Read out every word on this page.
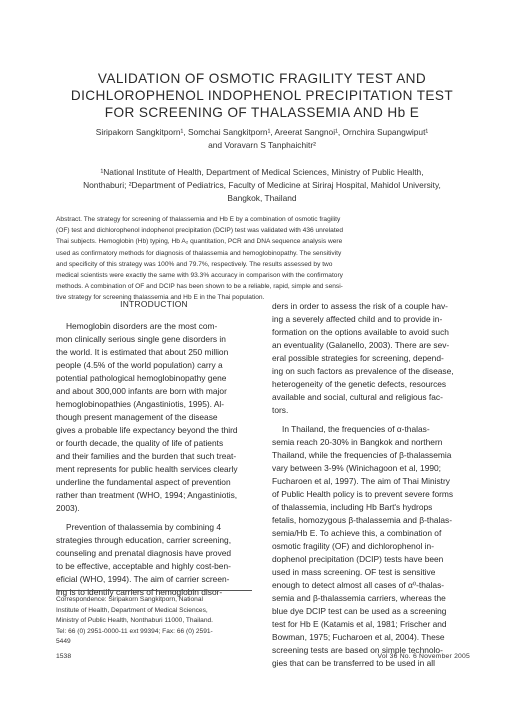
VALIDATION OF OSMOTIC FRAGILITY TEST AND
DICHLOROPHENOL INDOPHENOL PRECIPITATION TEST
FOR SCREENING OF THALASSEMIA AND Hb E
Siripakorn Sangkitporn¹, Somchai Sangkitporn¹, Areerat Sangnoi¹, Ornchira Supangwiput¹
and Voravarn S Tanphaichitr²
¹National Institute of Health, Department of Medical Sciences, Ministry of Public Health,
Nonthaburi; ²Department of Pediatrics, Faculty of Medicine at Siriraj Hospital, Mahidol University,
Bangkok, Thailand
Abstract. The strategy for screening of thalassemia and Hb E by a combination of osmotic fragility
(OF) test and dichlorophenol indophenol precipitation (DCIP) test was validated with 436 unrelated
Thai subjects. Hemoglobin (Hb) typing, Hb A₂ quantitation, PCR and DNA sequence analysis were
used as confirmatory methods for diagnosis of thalassemia and hemoglobinopathy. The sensitivity
and specificity of this strategy was 100% and 79.7%, respectively. The results assessed by two
medical scientists were exactly the same with 93.3% accuracy in comparison with the confirmatory
methods. A combination of OF and DCIP has been shown to be a reliable, rapid, simple and sensi-
tive strategy for screening thalassemia and Hb E in the Thai population.
INTRODUCTION
Hemoglobin disorders are the most com-
mon clinically serious single gene disorders in
the world. It is estimated that about 250 million
people (4.5% of the world population) carry a
potential pathological hemoglobinopathy gene
and about 300,000 infants are born with major
hemoglobinopathies (Angastiniotis, 1995). Al-
though present management of the disease
gives a probable life expectancy beyond the third
or fourth decade, the quality of life of patients
and their families and the burden that such treat-
ment represents for public health services clearly
underline the fundamental aspect of prevention
rather than treatment (WHO, 1994; Angastiniotis,
2003).
Prevention of thalassemia by combining 4
strategies through education, carrier screening,
counseling and prenatal diagnosis have proved
to be effective, acceptable and highly cost-ben-
eficial (WHO, 1994). The aim of carrier screen-
ing is to identify carriers of hemoglobin disor-
Correspondence: Siripakorn Sangkitporn, National
Institute of Health, Department of Medical Sciences,
Ministry of Public Health, Nonthaburi 11000, Thailand.
Tel: 66 (0) 2951-0000-11 ext 99394; Fax: 66 (0) 2591-
5449
ders in order to assess the risk of a couple hav-
ing a severely affected child and to provide in-
formation on the options available to avoid such
an eventuality (Galanello, 2003). There are sev-
eral possible strategies for screening, depend-
ing on such factors as prevalence of the disease,
heterogeneity of the genetic defects, resources
available and social, cultural and religious fac-
tors.
In Thailand, the frequencies of α-thalas-
semia reach 20-30% in Bangkok and northern
Thailand, while the frequencies of β-thalassemia
vary between 3-9% (Winichagoon et al, 1990;
Fucharoen et al, 1997). The aim of Thai Ministry
of Public Health policy is to prevent severe forms
of thalassemia, including Hb Bart's hydrops
fetalis, homozygous β-thalassemia and β-thalas-
semia/Hb E. To achieve this, a combination of
osmotic fragility (OF) and dichlorophenol in-
dophenol precipitation (DCIP) tests have been
used in mass screening. OF test is sensitive
enough to detect almost all cases of α⁰-thalas-
semia and β-thalassemia carriers, whereas the
blue dye DCIP test can be used as a screening
test for Hb E (Katamis et al, 1981; Frischer and
Bowman, 1975; Fucharoen et al, 2004). These
screening tests are based on simple technolo-
gies that can be transferred to be used in all
1538	Vol 36 No. 6 November 2005
